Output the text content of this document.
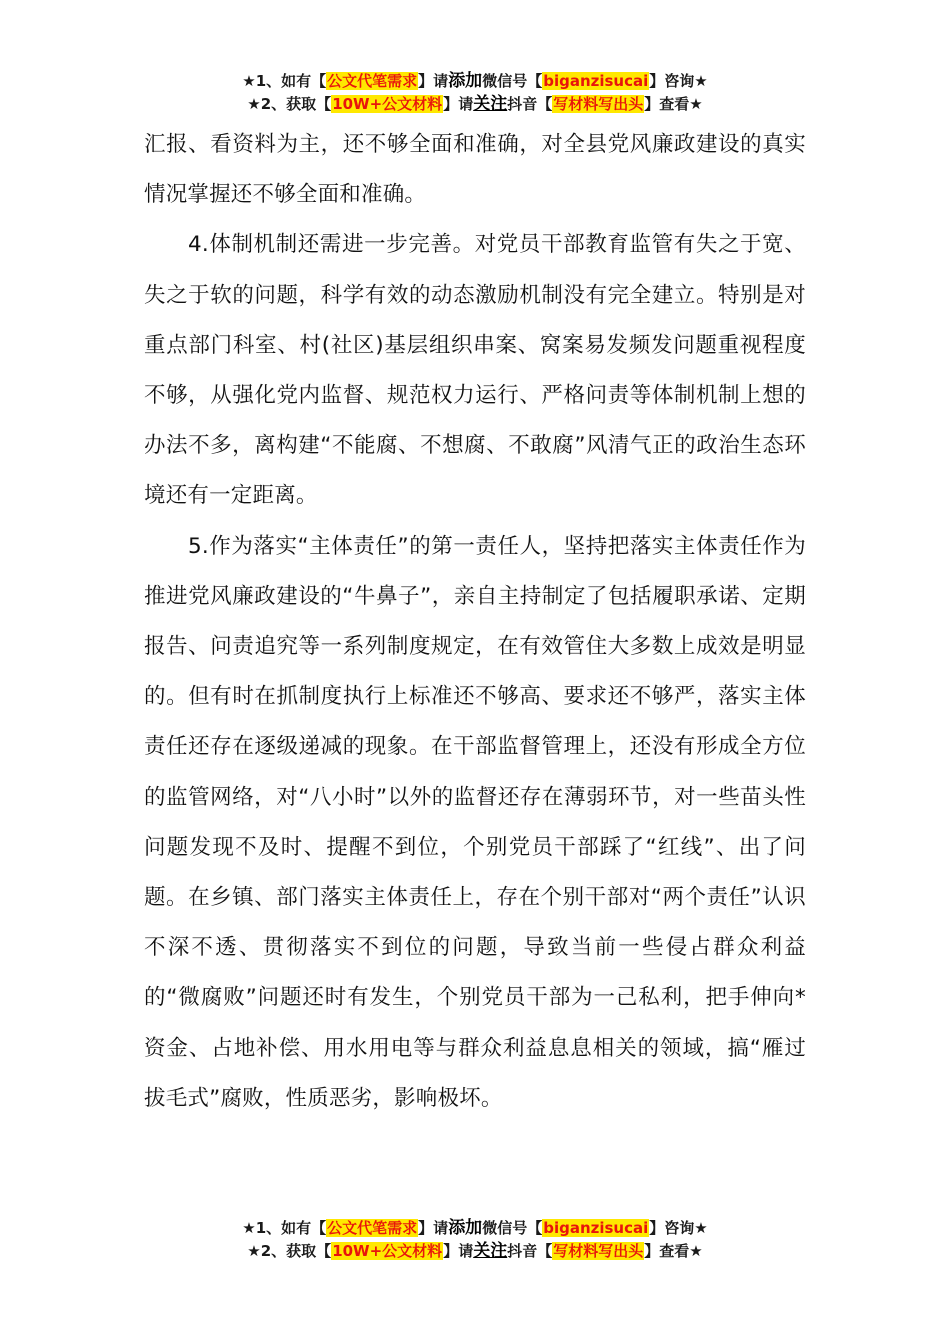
★1、如有【公文代笔需求】请添加微信号【biganzisucai】咨询★
★2、获取【10W+公文材料】请关注抖音【写材料写出头】查看★

汇报、看资料为主，还不够全面和准确，对全县党风廉政建设的真实情况掌握还不够全面和准确。

4.体制机制还需进一步完善。对党员干部教育监管有失之于宽、失之于软的问题，科学有效的动态激励机制没有完全建立。特别是对重点部门科室、村(社区)基层组织串案、窝案易发频发问题重视程度不够，从强化党内监督、规范权力运行、严格问责等体制机制上想的办法不多，离构建“不能腐、不想腐、不敢腐”风清气正的政治生态环境还有一定距离。

5.作为落实“主体责任”的第一责任人，坚持把落实主体责任作为推进党风廉政建设的“牛鼻子”，亲自主持制定了包括履职承诺、定期报告、问责追究等一系列制度规定，在有效管住大多数上成效是明显的。但有时在抓制度执行上标准还不够高、要求还不够严，落实主体责任还存在逐级递减的现象。在干部监督管理上，还没有形成全方位的监管网络，对“八小时”以外的监督还存在薄弱环节，对一些苗头性问题发现不及时、提醒不到位，个别党员干部踩了“红线”、出了问题。在乡镇、部门落实主体责任上，存在个别干部对“两个责任”认识不深不透、贯彻落实不到位的问题，导致当前一些侵占群众利益的“微腐败”问题还时有发生，个别党员干部为一己私利，把手伸向*资金、占地补偿、用水用电等与群众利益息息相关的领域，搞“雁过拔毛式”腐败，性质恶劣，影响极坏。

★1、如有【公文代笔需求】请添加微信号【biganzisucai】咨询★
★2、获取【10W+公文材料】请关注抖音【写材料写出头】查看★
